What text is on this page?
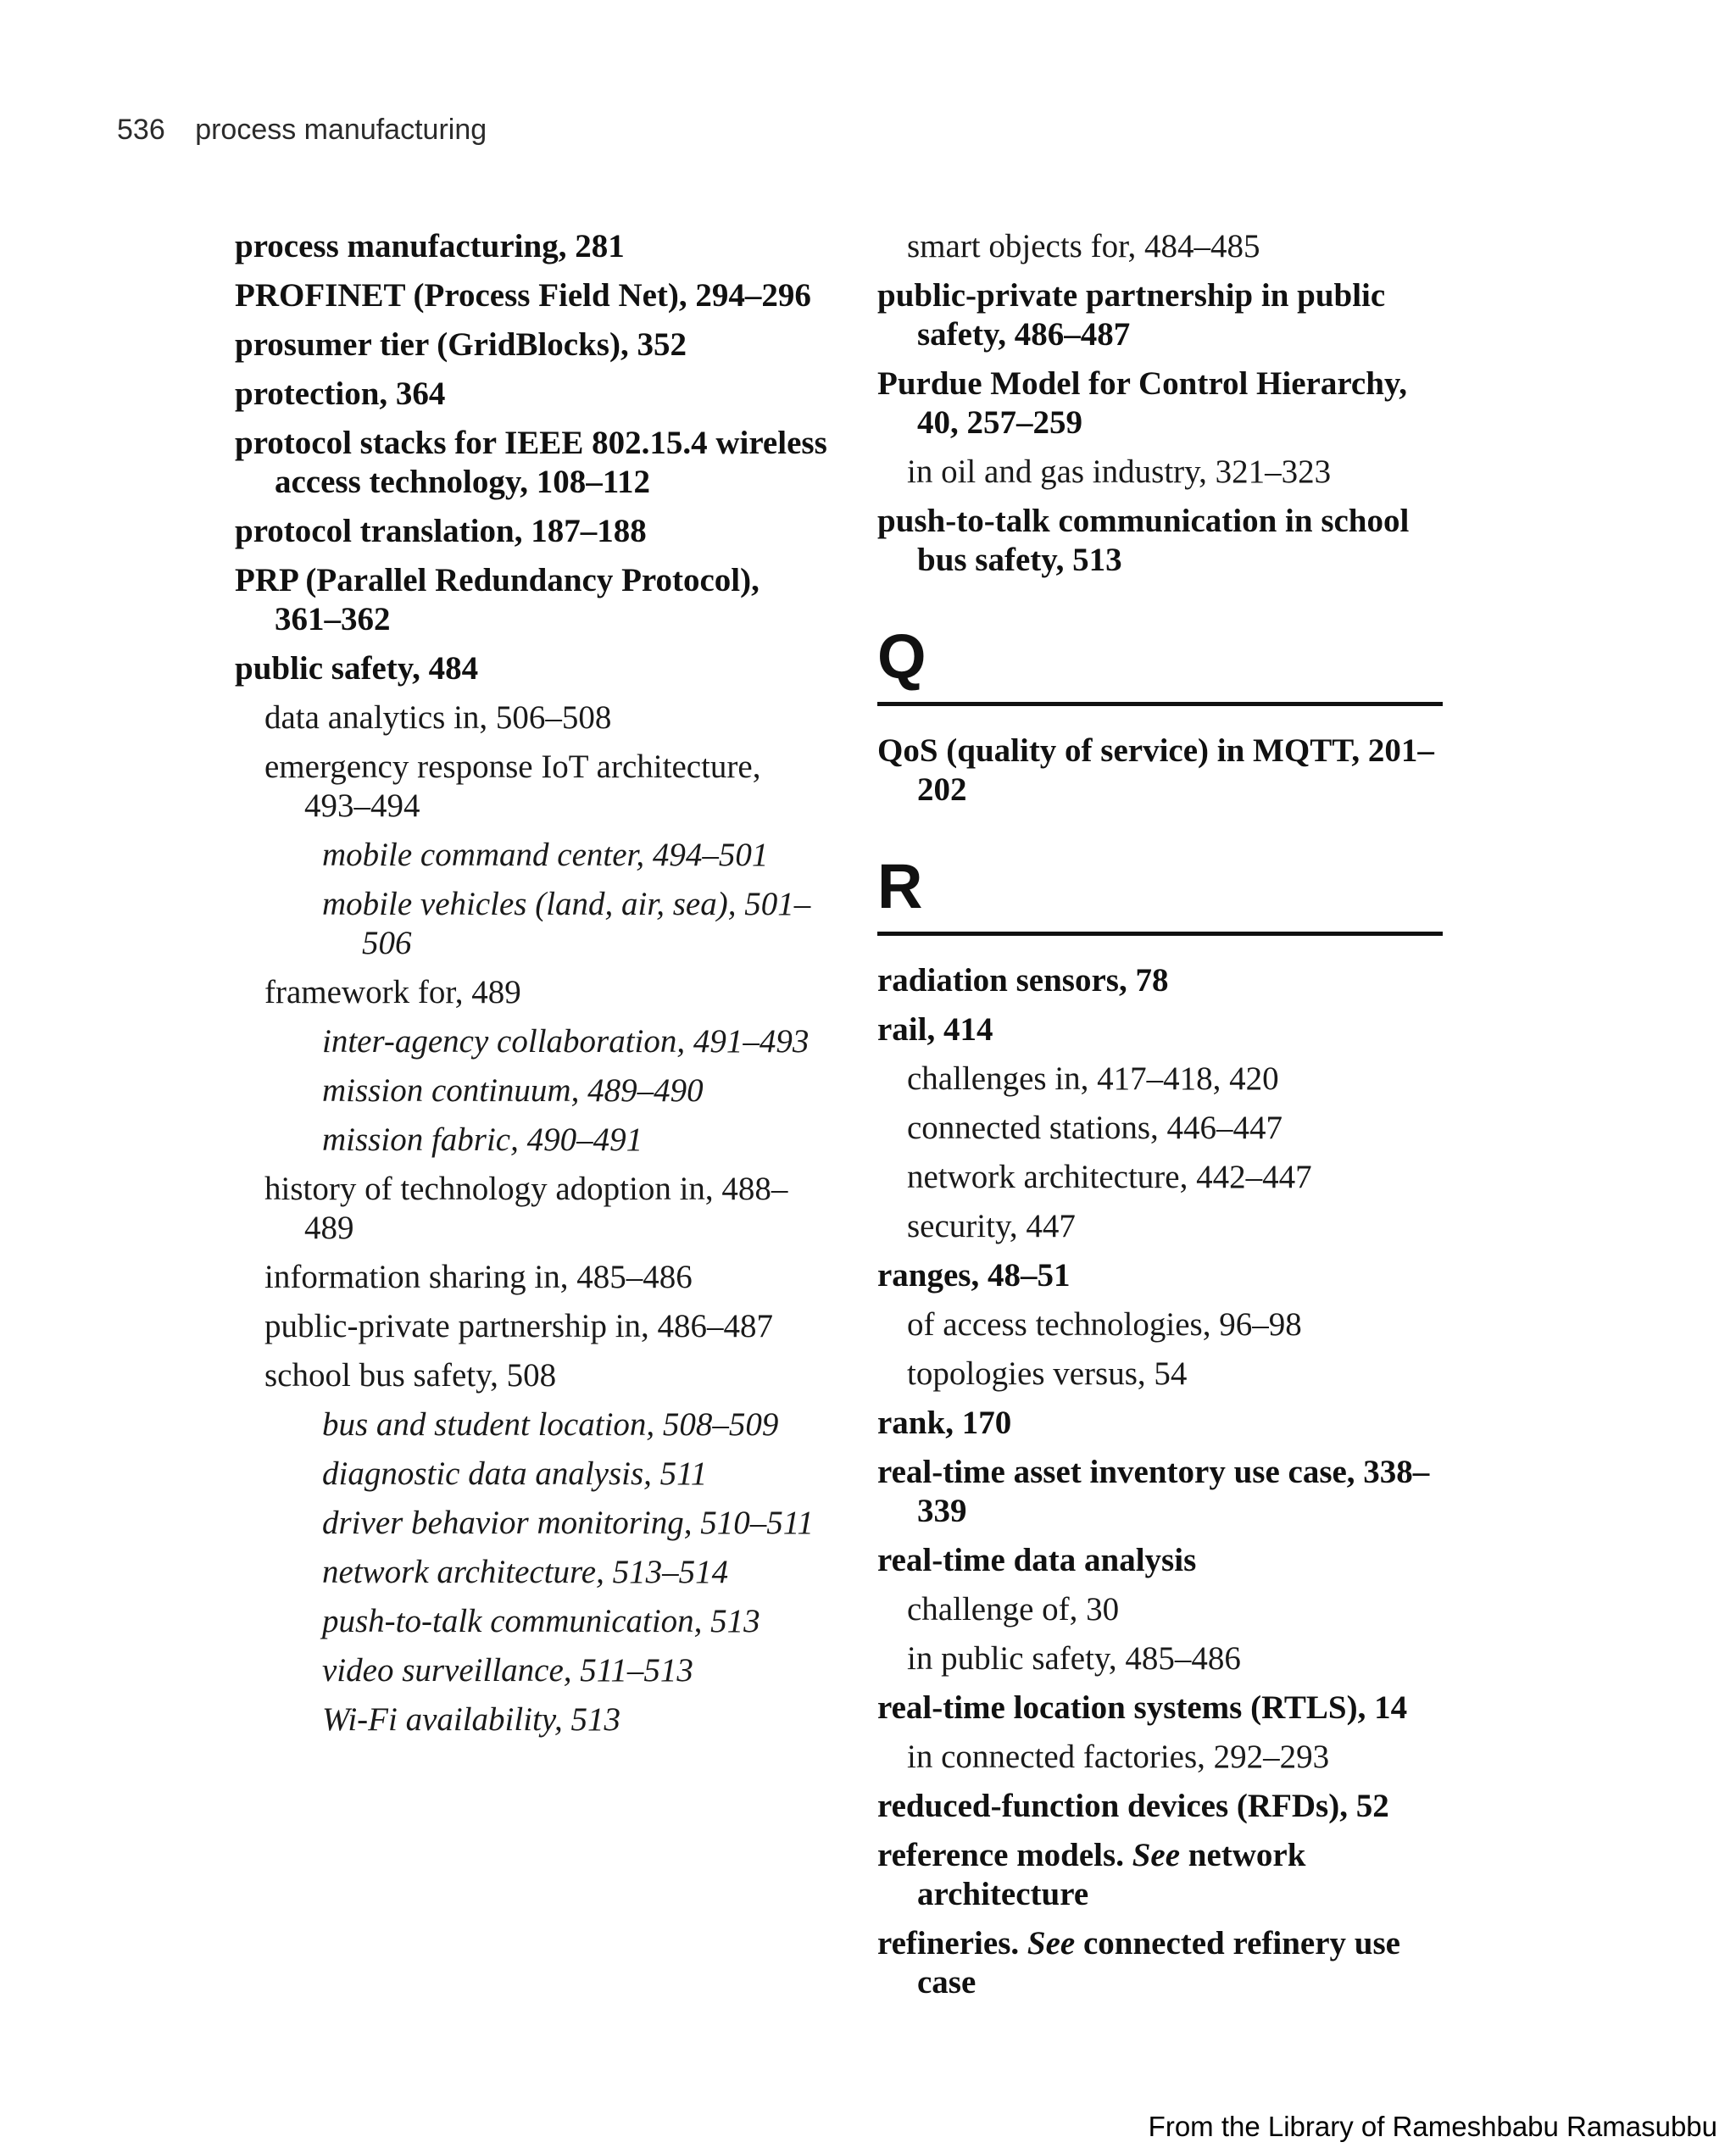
536 process manufacturing
process manufacturing, 281
PROFINET (Process Field Net), 294–296
prosumer tier (GridBlocks), 352
protection, 364
protocol stacks for IEEE 802.15.4 wireless access technology, 108–112
protocol translation, 187–188
PRP (Parallel Redundancy Protocol), 361–362
public safety, 484
data analytics in, 506–508
emergency response IoT architecture, 493–494
mobile command center, 494–501
mobile vehicles (land, air, sea), 501–506
framework for, 489
inter-agency collaboration, 491–493
mission continuum, 489–490
mission fabric, 490–491
history of technology adoption in, 488–489
information sharing in, 485–486
public-private partnership in, 486–487
school bus safety, 508
bus and student location, 508–509
diagnostic data analysis, 511
driver behavior monitoring, 510–511
network architecture, 513–514
push-to-talk communication, 513
video surveillance, 511–513
Wi-Fi availability, 513
smart objects for, 484–485
public-private partnership in public safety, 486–487
Purdue Model for Control Hierarchy, 40, 257–259
in oil and gas industry, 321–323
push-to-talk communication in school bus safety, 513
Q
QoS (quality of service) in MQTT, 201–202
R
radiation sensors, 78
rail, 414
challenges in, 417–418, 420
connected stations, 446–447
network architecture, 442–447
security, 447
ranges, 48–51
of access technologies, 96–98
topologies versus, 54
rank, 170
real-time asset inventory use case, 338–339
real-time data analysis
challenge of, 30
in public safety, 485–486
real-time location systems (RTLS), 14
in connected factories, 292–293
reduced-function devices (RFDs), 52
reference models. See network architecture
refineries. See connected refinery use case
From the Library of Rameshbabu Ramasubbu
